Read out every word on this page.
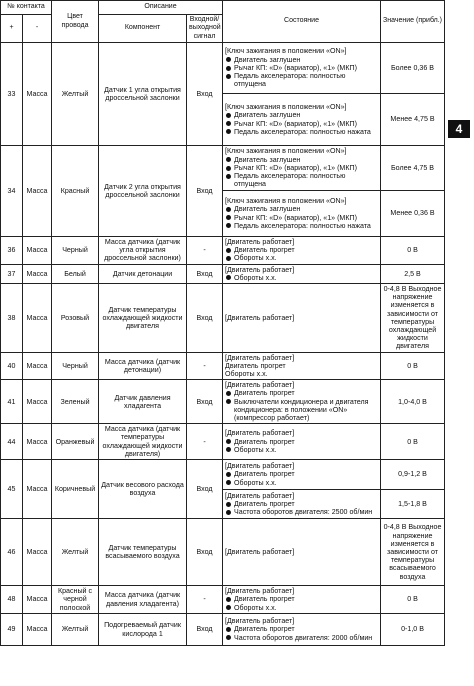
№ контакта		Цвет провода	Описание		Состояние	Значение (прибл.)
+	-		Компонент	Входной/ выходной сигнал		
33	Масса	Желтый	Датчик 1 угла открытия дроссельной заслонки	Вход	[Ключ зажигания в положении «ON»]
Двигатель заглушен
Рычаг КП: «D» (вариатор), «1» (МКП)
Педаль акселератора: полностью отпущена	Более 0,36 В

					[Ключ зажигания в положении «ON»]
Двигатель заглушен
Рычаг КП: «D» (вариатор), «1» (МКП)
Педаль акселератора: полностью нажата	Менее 4,75 В
34	Масса	Красный	Датчик 2 угла открытия дроссельной заслонки	Вход	[Ключ зажигания в положении «ON»]
Двигатель заглушен
Рычаг КП: «D» (вариатор), «1» (МКП)
Педаль акселератора: полностью отпущена	Более 4,75 В

					[Ключ зажигания в положении «ON»]
Двигатель заглушен
Рычаг КП: «D» (вариатор), «1» (МКП)
Педаль акселератора: полностью нажата	Менее 0,36 В
36	Масса	Черный	Масса датчика (датчик угла открытия дроссельной заслонки)	-	[Двигатель работает]
Двигатель прогрет
Обороты х.х.	0 В
37	Масса	Белый	Датчик детонации	Вход	[Двигатель работает]
Обороты х.х.	2,5 В
38	Масса	Розовый	Датчик температуры охлаждающей жидкости двигателя	Вход	[Двигатель работает]	0-4,8 В Выходное напряжение изменяется в зависимости от температуры охлаждающей жидкости двигателя
40	Масса	Черный	Масса датчика (датчик детонации)	-	[Двигатель работает]
Двигатель прогрет
Обороты х.х.	0 В
41	Масса	Зеленый	Датчик давления хладагента	Вход	[Двигатель работает]
Двигатель прогрет
Выключатели кондиционера и двигателя кондиционера: в положении «ON» (компрессор работает)	1,0-4,0 В
44	Масса	Оранжевый	Масса датчика (датчик температуры охлаждающей жидкости двигателя)	-	[Двигатель работает]
Двигатель прогрет
Обороты х.х.	0 В
45	Масса	Коричневый	Датчик весового расхода воздуха	Вход	[Двигатель работает]
Двигатель прогрет
Обороты х.х.	0,9-1,2 В

					[Двигатель работает]
Двигатель прогрет
Частота оборотов двигателя: 2500 об/мин	1,5-1,8 В
46	Масса	Желтый	Датчик температуры всасываемого воздуха	Вход	[Двигатель работает]	0-4,8 В Выходное напряжение изменяется в зависимости от температуры всасываемого воздуха
48	Масса	Красный с черной полоской	Масса датчика (датчик давления хладагента)	-	[Двигатель работает]
Двигатель прогрет
Обороты х.х.	0 В
49	Масса	Желтый	Подогреваемый датчик кислорода 1	Вход	[Двигатель работает]
Двигатель прогрет
Частота оборотов двигателя: 2000 об/мин	0-1,0 В
4
